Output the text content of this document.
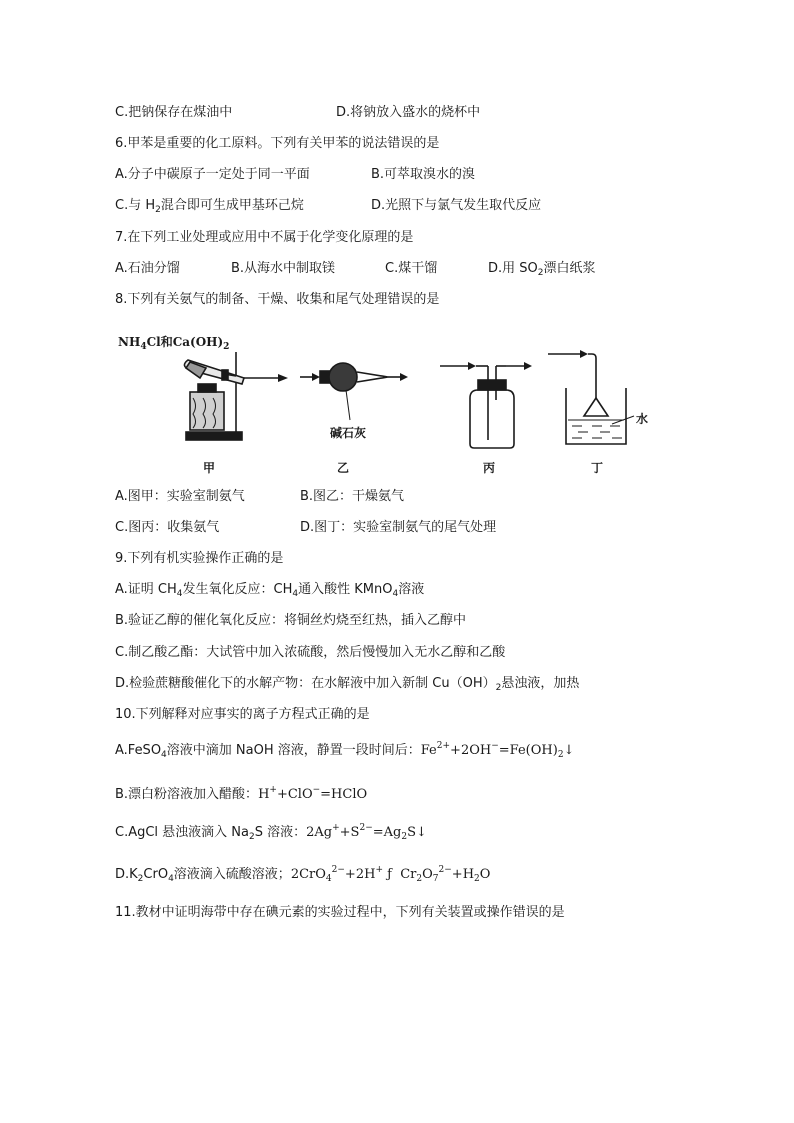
C.把钠保存在煤油中	D.将钠放入盛水的烧杯中
6.甲苯是重要的化工原料。下列有关甲苯的说法错误的是
A.分子中碳原子一定处于同一平面	B.可萃取溴水的溴
C.与 $H_2$混合即可生成甲基环己烷	D.光照下与氯气发生取代反应
7.在下列工业处理或应用中不属于化学变化原理的是
A.石油分馏	B.从海水中制取镁	C.煤干馏	D.用 $SO_2$漂白纸浆
8.下列有关氨气的制备、干燥、收集和尾气处理错误的是
$NH_4Cl$和$Ca(OH)_2$
碱石灰
水
甲	乙	丙	丁
A.图甲：实验室制氨气	B.图乙：干燥氨气
C.图丙：收集氨气	D.图丁：实验室制氨气的尾气处理
9.下列有机实验操作正确的是
A.证明 $CH_4$发生氧化反应：$CH_4$通入酸性 KMnO$_4$溶液
B.验证乙醇的催化氧化反应：将铜丝灼烧至红热，插入乙醇中
C.制乙酸乙酯：大试管中加入浓硫酸，然后慢慢加入无水乙醇和乙酸
D.检验蔗糖酸催化下的水解产物：在水解液中加入新制 $Cu(OH)_2$悬浊液，加热
10.下列解释对应事实的离子方程式正确的是
A.FeSO$_4$溶液中滴加 NaOH 溶液，静置一段时间后：$Fe^{2+}+2OH^-=Fe(OH)_2↓$
B.漂白粉溶液加入醋酸：H++ClO−=HClO
C.AgCl 悬浊液滴入 $Na_2S$ 溶液：$2Ag^++S^{2-}=Ag_2S↓$
$D.K_2CrO_4$溶液滴入硫酸溶液；2CrO$_4^{2-}$+2H+ ƒ $Cr_2O_7^{2-}+H_2O$
11.教材中证明海带中存在碘元素的实验过程中，下列有关装置或操作错误的是
